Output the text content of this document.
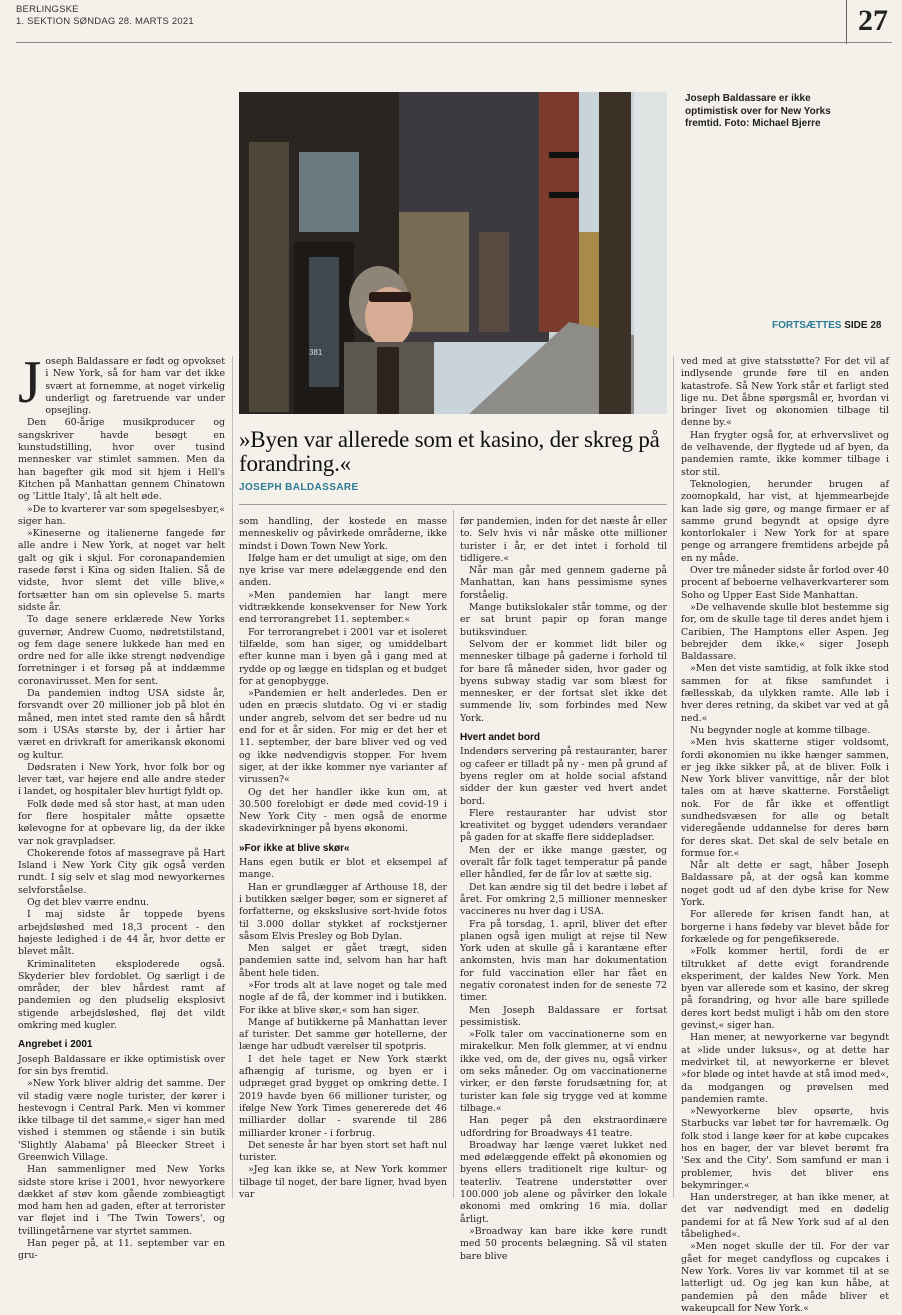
BERLINGSKE
1. SEKTION SØNDAG 28. MARTS 2021	27
381
Joseph Baldassare er ikke optimistisk over for New Yorks fremtid. Foto: Michael Bjerre
FORTSÆTTES SIDE 28
»Byen var allerede som et kasino, der skreg på forandring.«
JOSEPH BALDASSARE

Joseph Baldassare er født og opvokset i New York, så for ham var det ikke svært at fornemme, at noget virkelig underligt og faretruende var under opsejling.

Den 60-årige musikproducer og sangskriver havde besøgt en kunstudstilling, hvor over tusind mennesker var stimlet sammen. Men da han bagefter gik mod sit hjem i Hell's Kitchen på Manhattan gennem Chinatown og 'Little Italy', lå alt helt øde.

»De to kvarterer var som spøgelsesbyer,« siger han.

»Kineserne og italienerne fangede før alle andre i New York, at noget var helt galt og gik i skjul. For coronapandemien rasede først i Kina og siden Italien. Så de vidste, hvor slemt det ville blive,« fortsætter han om sin oplevelse 5. marts sidste år.

To dage senere erklærede New Yorks guvernør, Andrew Cuomo, nødretstilstand, og fem dage senere lukkede han med en ordre ned for alle ikke strengt nødvendige forretninger i et forsøg på at inddæmme coronavirusset. Men for sent.

Da pandemien indtog USA sidste år, forsvandt over 20 millioner job på blot én måned, men intet sted ramte den så hårdt som i USAs største by, der i årtier har været en drivkraft for amerikansk økonomi og kultur.

Dødsraten i New York, hvor folk bor og lever tæt, var højere end alle andre steder i landet, og hospitaler blev hurtigt fyldt op.

Folk døde med så stor hast, at man uden for flere hospitaler måtte opsætte kølevogne for at opbevare lig, da der ikke var nok gravpladser.

Chokerende fotos af massegrave på Hart Island i New York City gik også verden rundt. I sig selv et slag mod newyorkernes selvforståelse.

Og det blev værre endnu.

I maj sidste år toppede byens arbejdsløshed med 18,3 procent - den højeste ledighed i de 44 år, hvor dette er blevet målt.

Kriminaliteten eksploderede også. Skyderier blev fordoblet. Og særligt i de områder, der blev hårdest ramt af pandemien og den pludselig eksplosivt stigende arbejdsløshed, fløj det vildt omkring med kugler.

Angrebet i 2001

Joseph Baldassare er ikke optimistisk over for sin bys fremtid.

»New York bliver aldrig det samme. Der vil stadig være nogle turister, der kører i hestevogn i Central Park. Men vi kommer ikke tilbage til det samme,« siger han med vished i stemmen og stående i sin butik 'Slightly Alabama' på Bleecker Street i Greenwich Village.

Han sammenligner med New Yorks sidste store krise i 2001, hvor newyorkere dækket af støv kom gående zombieagtigt mod ham hen ad gaden, efter at terrorister var fløjet ind i 'The Twin Towers', og tvillingetårnene var styrtet sammen.

Han peger på, at 11. september var en gru-

som handling, der kostede en masse menneskeliv og påvirkede områderne, ikke mindst i Down Town New York.

Ifølge ham er det umuligt at sige, om den nye krise var mere ødelæggende end den anden.

»Men pandemien har langt mere vidtrækkende konsekvenser for New York end terrorangrebet 11. september.«

For terrorangrebet i 2001 var et isoleret tilfælde, som han siger, og umiddelbart efter kunne man i byen gå i gang med at rydde op og lægge en tidsplan og et budget for at genopbygge.

»Pandemien er helt anderledes. Den er uden en præcis slutdato. Og vi er stadig under angreb, selvom det ser bedre ud nu end for et år siden. For mig er det her et 11. september, der bare bliver ved og ved og ikke nødvendigvis stopper. For hvem siger, at der ikke kommer nye varianter af virussen?«

Og det her handler ikke kun om, at 30.500 forelobigt er døde med covid-19 i New York City - men også de enorme skadevirkninger på byens økonomi.

»For ikke at blive skør«

Hans egen butik er blot et eksempel af mange.

Han er grundlægger af Arthouse 18, der i butikken sælger bøger, som er signeret af forfatterne, og ekskslusive sort-hvide fotos til 3.000 dollar stykket af rockstjerner såsom Elvis Presley og Bob Dylan.

Men salget er gået trægt, siden pandemien satte ind, selvom han har haft åbent hele tiden.

»For trods alt at lave noget og tale med nogle af de få, der kommer ind i butikken. For ikke at blive skør,« som han siger.

Mange af butikkerne på Manhattan lever af turister. Det samme gør hotellerne, der længe har udbudt værelser til spotpris.

I det hele taget er New York stærkt afhængig af turisme, og byen er i udpræget grad bygget op omkring dette. I 2019 havde byen 66 millioner turister, og ifølge New York Times genererede det 46 milliarder dollar - svarende til 286 milliarder kroner - i forbrug.

Det seneste år har byen stort set haft nul turister.

»Jeg kan ikke se, at New York kommer tilbage til noget, der bare ligner, hvad byen var

før pandemien, inden for det næste år eller to. Selv hvis vi når måske otte millioner turister i år, er det intet i forhold til tidligere.«

Når man går med gennem gaderne på Manhattan, kan hans pessimisme synes forståelig.

Mange butikslokaler står tomme, og der er sat brunt papir op foran mange butiksvinduer.

Selvom der er kommet lidt biler og mennesker tilbage på gaderne i forhold til for bare få måneder siden, hvor gader og byens subway stadig var som blæst for mennesker, er der fortsat slet ikke det summende liv, som forbindes med New York.

Hvert andet bord

Indendørs servering på restauranter, barer og cafeer er tilladt på ny - men på grund af byens regler om at holde social afstand sidder der kun gæster ved hvert andet bord.

Flere restauranter har udvist stor kreativitet og bygget udendørs verandaer på gaden for at skaffe flere siddepladser.

Men der er ikke mange gæster, og overalt får folk taget temperatur på pande eller håndled, før de får lov at sætte sig.

Det kan ændre sig til det bedre i løbet af året. For omkring 2,5 millioner mennesker vaccineres nu hver dag i USA.

Fra på torsdag, 1. april, bliver det efter planen også igen muligt at rejse til New York uden at skulle gå i karantæne efter ankomsten, hvis man har dokumentation for fuld vaccination eller har fået en negativ coronatest inden for de seneste 72 timer.

Men Joseph Baldassare er fortsat pessimistisk.

»Folk taler om vaccinationerne som en mirakelkur. Men folk glemmer, at vi endnu ikke ved, om de, der gives nu, også virker om seks måneder. Og om vaccinationerne virker, er den første forudsætning for, at turister kan føle sig trygge ved at komme tilbage.«

Han peger på den ekstraordinære udfordring for Broadways 41 teatre.

Broadway har længe været lukket ned med ødelæggende effekt på økonomien og byens ellers traditionelt rige kultur- og teaterliv. Teatrene understøtter over 100.000 job alene og påvirker den lokale økonomi med omkring 16 mia. dollar årligt.

»Broadway kan bare ikke køre rundt med 50 procents belægning. Så vil staten bare blive

ved med at give statsstøtte? For det vil af indlysende grunde føre til en anden katastrofe. Så New York står et farligt sted lige nu. Det åbne spørgsmål er, hvordan vi bringer livet og økonomien tilbage til denne by.«

Han frygter også for, at erhvervslivet og de velhavende, der flygtede ud af byen, da pandemien ramte, ikke kommer tilbage i stor stil.

Teknologien, herunder brugen af zoomopkald, har vist, at hjemmearbejde kan lade sig gøre, og mange firmaer er af samme grund begyndt at opsige dyre kontorlokaler i New York for at spare penge og arrangere fremtidens arbejde på en ny måde.

Over tre måneder sidste år forlod over 40 procent af beboerne velhaverkvarterer som Soho og Upper East Side Manhattan.

»De velhavende skulle blot bestemme sig for, om de skulle tage til deres andet hjem i Caribien, The Hamptons eller Aspen. Jeg bebrejder dem ikke,« siger Joseph Baldassare.

»Men det viste samtidig, at folk ikke stod sammen for at fikse samfundet i fællesskab, da ulykken ramte. Alle løb i hver deres retning, da skibet var ved at gå ned.«

Nu begynder nogle at komme tilbage.

»Men hvis skatterne stiger voldsomt, fordi økonomien nu ikke hænger sammen, er jeg ikke sikker på, at de bliver. Folk i New York bliver vanvittige, når der blot tales om at hæve skatterne. Forståeligt nok. For de får ikke et offentligt sundhedsvæsen for alle og betalt videregående uddannelse for deres børn for deres skat. Det skal de selv betale en formue for.«

Når alt dette er sagt, håber Joseph Baldassare på, at der også kan komme noget godt ud af den dybe krise for New York.

For allerede før krisen fandt han, at borgerne i hans fødeby var blevet både for forkælede og for pengefikserede.

»Folk kommer hertil, fordi de er tiltrukket af dette evigt forandrende eksperiment, der kaldes New York. Men byen var allerede som et kasino, der skreg på forandring, og hvor alle bare spillede deres kort bedst muligt i håb om den store gevinst,« siger han.

Han mener, at newyorkerne var begyndt at »lide under luksus«, og at dette har medvirket til, at newyorkerne er blevet »for bløde og intet havde at stå imod med«, da modgangen og prøvelsen med pandemien ramte.

»Newyorkerne blev opsørte, hvis Starbucks var løbet tør for havremælk. Og folk stod i lange køer for at købe cupcakes hos en bager, der var blevet berømt fra 'Sex and the City'. Som samfund er man i problemer, hvis det bliver ens bekymringer.«

Han understreger, at han ikke mener, at det var nødvendigt med en dødelig pandemi for at få New York sud af al den tåbelighed«.

»Men noget skulle der til. For der var gået for meget candyfloss og cupcakes i New York. Vores liv var kommet til at se latterligt ud. Og jeg kan kun håbe, at pandemien på den måde bliver et wakeupcall for New York.«
